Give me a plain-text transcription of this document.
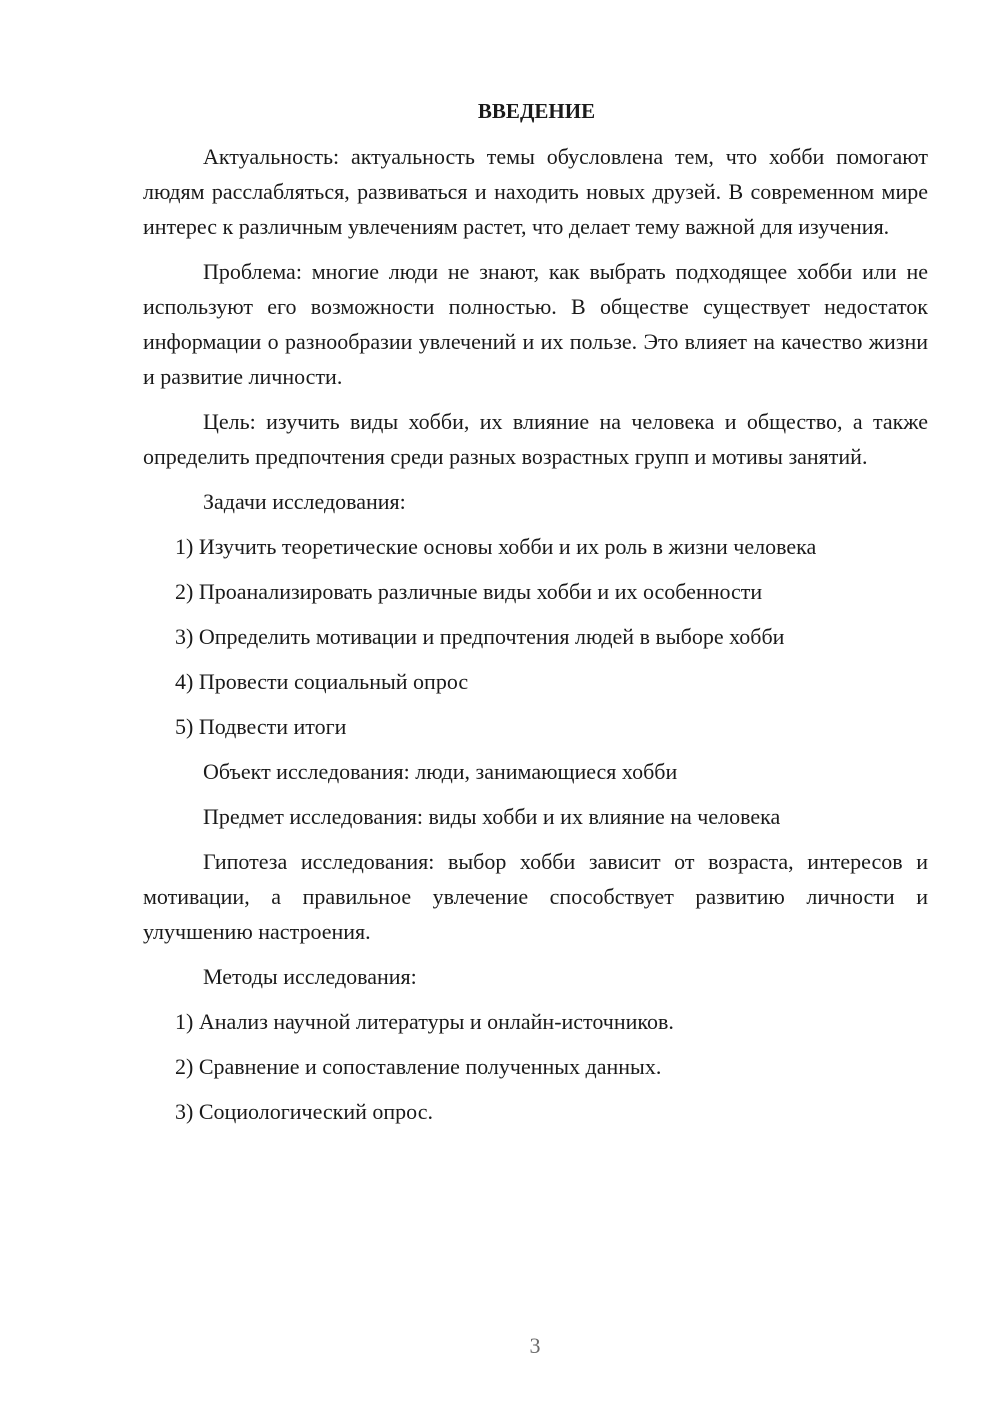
ВВЕДЕНИЕ

Актуальность: актуальность темы обусловлена тем, что хобби помогают людям расслабляться, развиваться и находить новых друзей. В современном мире интерес к различным увлечениям растет, что делает тему важной для изучения.

Проблема: многие люди не знают, как выбрать подходящее хобби или не используют его возможности полностью. В обществе существует недостаток информации о разнообразии увлечений и их пользе. Это влияет на качество жизни и развитие личности.

Цель: изучить виды хобби, их влияние на человека и общество, а также определить предпочтения среди разных возрастных групп и мотивы занятий.

Задачи исследования:
1) Изучить теоретические основы хобби и их роль в жизни человека
2) Проанализировать различные виды хобби и их особенности
3) Определить мотивации и предпочтения людей в выборе хобби
4) Провести социальный опрос
5) Подвести итоги
Объект исследования: люди, занимающиеся хобби
Предмет исследования: виды хобби и их влияние на человека

Гипотеза исследования: выбор хобби зависит от возраста, интересов и мотивации, а правильное увлечение способствует развитию личности и улучшению настроения.

Методы исследования:
1) Анализ научной литературы и онлайн-источников.
2) Сравнение и сопоставление полученных данных.
3) Социологический опрос.
3
